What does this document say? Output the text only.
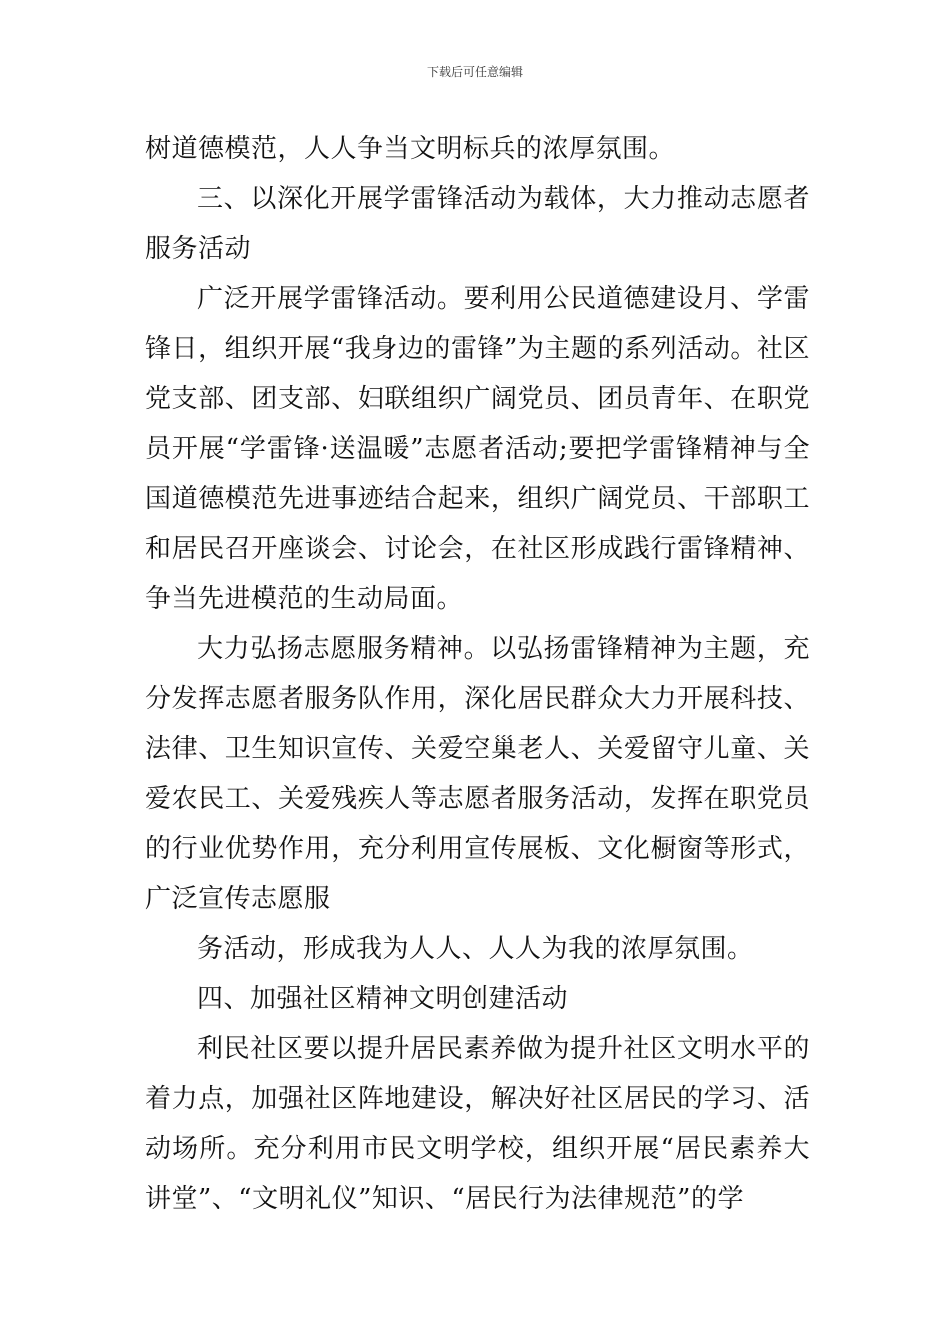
下载后可任意编辑

树道德模范，人人争当文明标兵的浓厚氛围。

三、以深化开展学雷锋活动为载体，大力推动志愿者服务活动

广泛开展学雷锋活动。要利用公民道德建设月、学雷锋日，组织开展“我身边的雷锋”为主题的系列活动。社区党支部、团支部、妇联组织广阔党员、团员青年、在职党员开展“学雷锋·送温暖”志愿者活动;要把学雷锋精神与全国道德模范先进事迹结合起来，组织广阔党员、干部职工和居民召开座谈会、讨论会，在社区形成践行雷锋精神、争当先进模范的生动局面。

大力弘扬志愿服务精神。以弘扬雷锋精神为主题，充分发挥志愿者服务队作用，深化居民群众大力开展科技、法律、卫生知识宣传、关爱空巢老人、关爱留守儿童、关爱农民工、关爱残疾人等志愿者服务活动，发挥在职党员的行业优势作用，充分利用宣传展板、文化橱窗等形式，广泛宣传志愿服

务活动，形成我为人人、人人为我的浓厚氛围。

四、加强社区精神文明创建活动

利民社区要以提升居民素养做为提升社区文明水平的着力点，加强社区阵地建设，解决好社区居民的学习、活动场所。充分利用市民文明学校，组织开展“居民素养大讲堂”、“文明礼仪”知识、“居民行为法律规范”的学
